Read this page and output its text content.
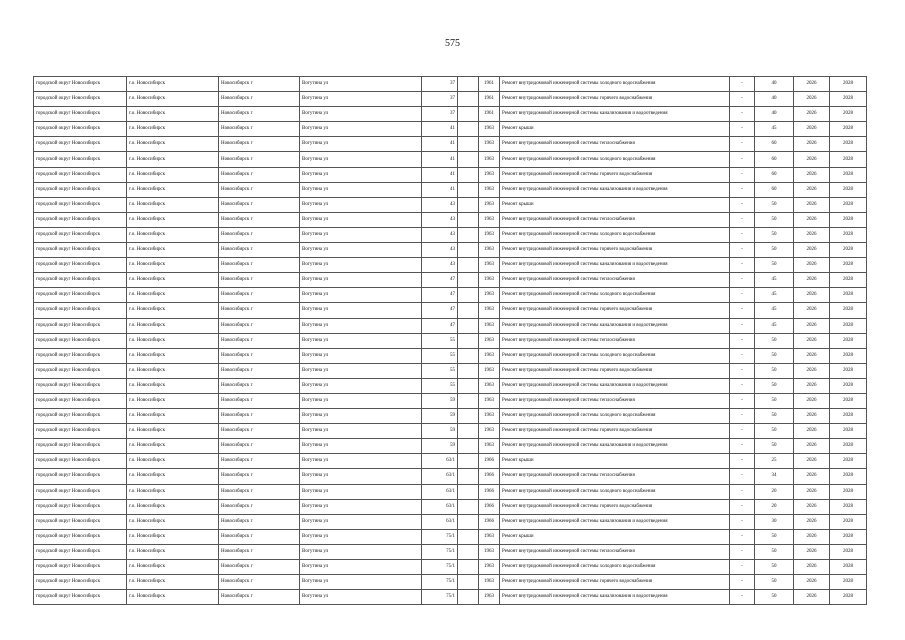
575
городской округ Новосибирск	г.о. Новосибирск	Новосибирск г	Вогутина ул	37		1961	Ремонт внутридомовой инженерной системы холодного водоснабжения	-	40	2026	2028
городской округ Новосибирск	г.о. Новосибирск	Новосибирск г	Вогутина ул	37		1961	Ремонт внутридомовой инженерной системы горячего водоснабжения	-	40	2026	2028
городской округ Новосибирск	г.о. Новосибирск	Новосибирск г	Вогутина ул	37		1961	Ремонт внутридомовой инженерной системы канализования и водоотведения	-	40	2026	2028
городской округ Новосибирск	г.о. Новосибирск	Новосибирск г	Вогутина ул	41		1963	Ремонт крыши	-	45	2026	2028
городской округ Новосибирск	г.о. Новосибирск	Новосибирск г	Вогутина ул	41		1963	Ремонт внутридомовой инженерной системы теплоснабжения	-	60	2026	2028
городской округ Новосибирск	г.о. Новосибирск	Новосибирск г	Вогутина ул	41		1963	Ремонт внутридомовой инженерной системы холодного водоснабжения	-	60	2026	2028
городской округ Новосибирск	г.о. Новосибирск	Новосибирск г	Вогутина ул	41		1963	Ремонт внутридомовой инженерной системы горячего водоснабжения	-	60	2026	2028
городской округ Новосибирск	г.о. Новосибирск	Новосибирск г	Вогутина ул	41		1963	Ремонт внутридомовой инженерной системы канализования и водоотведения	-	60	2026	2028
городской округ Новосибирск	г.о. Новосибирск	Новосибирск г	Вогутина ул	43		1963	Ремонт крыши	-	50	2026	2028
городской округ Новосибирск	г.о. Новосибирск	Новосибирск г	Вогутина ул	43		1963	Ремонт внутридомовой инженерной системы теплоснабжения	-	50	2026	2028
городской округ Новосибирск	г.о. Новосибирск	Новосибирск г	Вогутина ул	43		1963	Ремонт внутридомовой инженерной системы холодного водоснабжения	-	50	2026	2028
городской округ Новосибирск	г.о. Новосибирск	Новосибирск г	Вогутина ул	43		1963	Ремонт внутридомовой инженерной системы горячего водоснабжения	-	50	2026	2028
городской округ Новосибирск	г.о. Новосибирск	Новосибирск г	Вогутина ул	43		1963	Ремонт внутридомовой инженерной системы канализования и водоотведения	-	50	2026	2028
городской округ Новосибирск	г.о. Новосибирск	Новосибирск г	Вогутина ул	47		1963	Ремонт внутридомовой инженерной системы теплоснабжения	-	45	2026	2028
городской округ Новосибирск	г.о. Новосибирск	Новосибирск г	Вогутина ул	47		1963	Ремонт внутридомовой инженерной системы холодного водоснабжения	-	45	2026	2028
городской округ Новосибирск	г.о. Новосибирск	Новосибирск г	Вогутина ул	47		1963	Ремонт внутридомовой инженерной системы горячего водоснабжения	-	45	2026	2028
городской округ Новосибирск	г.о. Новосибирск	Новосибирск г	Вогутина ул	47		1963	Ремонт внутридомовой инженерной системы канализования и водоотведения	-	45	2026	2028
городской округ Новосибирск	г.о. Новосибирск	Новосибирск г	Вогутина ул	55		1963	Ремонт внутридомовой инженерной системы теплоснабжения	-	50	2026	2028
городской округ Новосибирск	г.о. Новосибирск	Новосибирск г	Вогутина ул	55		1963	Ремонт внутридомовой инженерной системы холодного водоснабжения	-	50	2026	2028
городской округ Новосибирск	г.о. Новосибирск	Новосибирск г	Вогутина ул	55		1963	Ремонт внутридомовой инженерной системы горячего водоснабжения	-	50	2026	2028
городской округ Новосибирск	г.о. Новосибирск	Новосибирск г	Вогутина ул	55		1963	Ремонт внутридомовой инженерной системы канализования и водоотведения	-	50	2026	2028
городской округ Новосибирск	г.о. Новосибирск	Новосибирск г	Вогутина ул	59		1963	Ремонт внутридомовой инженерной системы теплоснабжения	-	50	2026	2028
городской округ Новосибирск	г.о. Новосибирск	Новосибирск г	Вогутина ул	59		1963	Ремонт внутридомовой инженерной системы холодного водоснабжения	-	50	2026	2028
городской округ Новосибирск	г.о. Новосибирск	Новосибирск г	Вогутина ул	59		1963	Ремонт внутридомовой инженерной системы горячего водоснабжения	-	50	2026	2028
городской округ Новосибирск	г.о. Новосибирск	Новосибирск г	Вогутина ул	59		1963	Ремонт внутридомовой инженерной системы канализования и водоотведения	-	50	2026	2028
городской округ Новосибирск	г.о. Новосибирск	Новосибирск г	Вогутина ул	63/1		1966	Ремонт крыши	-	25	2026	2028
городской округ Новосибирск	г.о. Новосибирск	Новосибирск г	Вогутина ул	63/1		1966	Ремонт внутридомовой инженерной системы теплоснабжения	-	34	2026	2028
городской округ Новосибирск	г.о. Новосибирск	Новосибирск г	Вогутина ул	63/1		1966	Ремонт внутридомовой инженерной системы холодного водоснабжения	-	20	2026	2028
городской округ Новосибирск	г.о. Новосибирск	Новосибирск г	Вогутина ул	63/1		1966	Ремонт внутридомовой инженерной системы горячего водоснабжения	-	20	2026	2028
городской округ Новосибирск	г.о. Новосибирск	Новосибирск г	Вогутина ул	63/1		1966	Ремонт внутридомовой инженерной системы канализования и водоотведения	-	30	2026	2028
городской округ Новосибирск	г.о. Новосибирск	Новосибирск г	Вогутина ул	75/1		1963	Ремонт крыши	-	50	2026	2028
городской округ Новосибирск	г.о. Новосибирск	Новосибирск г	Вогутина ул	75/1		1963	Ремонт внутридомовой инженерной системы теплоснабжения	-	50	2026	2028
городской округ Новосибирск	г.о. Новосибирск	Новосибирск г	Вогутина ул	75/1		1963	Ремонт внутридомовой инженерной системы холодного водоснабжения	-	50	2026	2028
городской округ Новосибирск	г.о. Новосибирск	Новосибирск г	Вогутина ул	75/1		1963	Ремонт внутридомовой инженерной системы горячего водоснабжения	-	50	2026	2028
городской округ Новосибирск	г.о. Новосибирск	Новосибирск г	Вогутина ул	75/1		1963	Ремонт внутридомовой инженерной системы канализования и водоотведения	-	50	2026	2028
